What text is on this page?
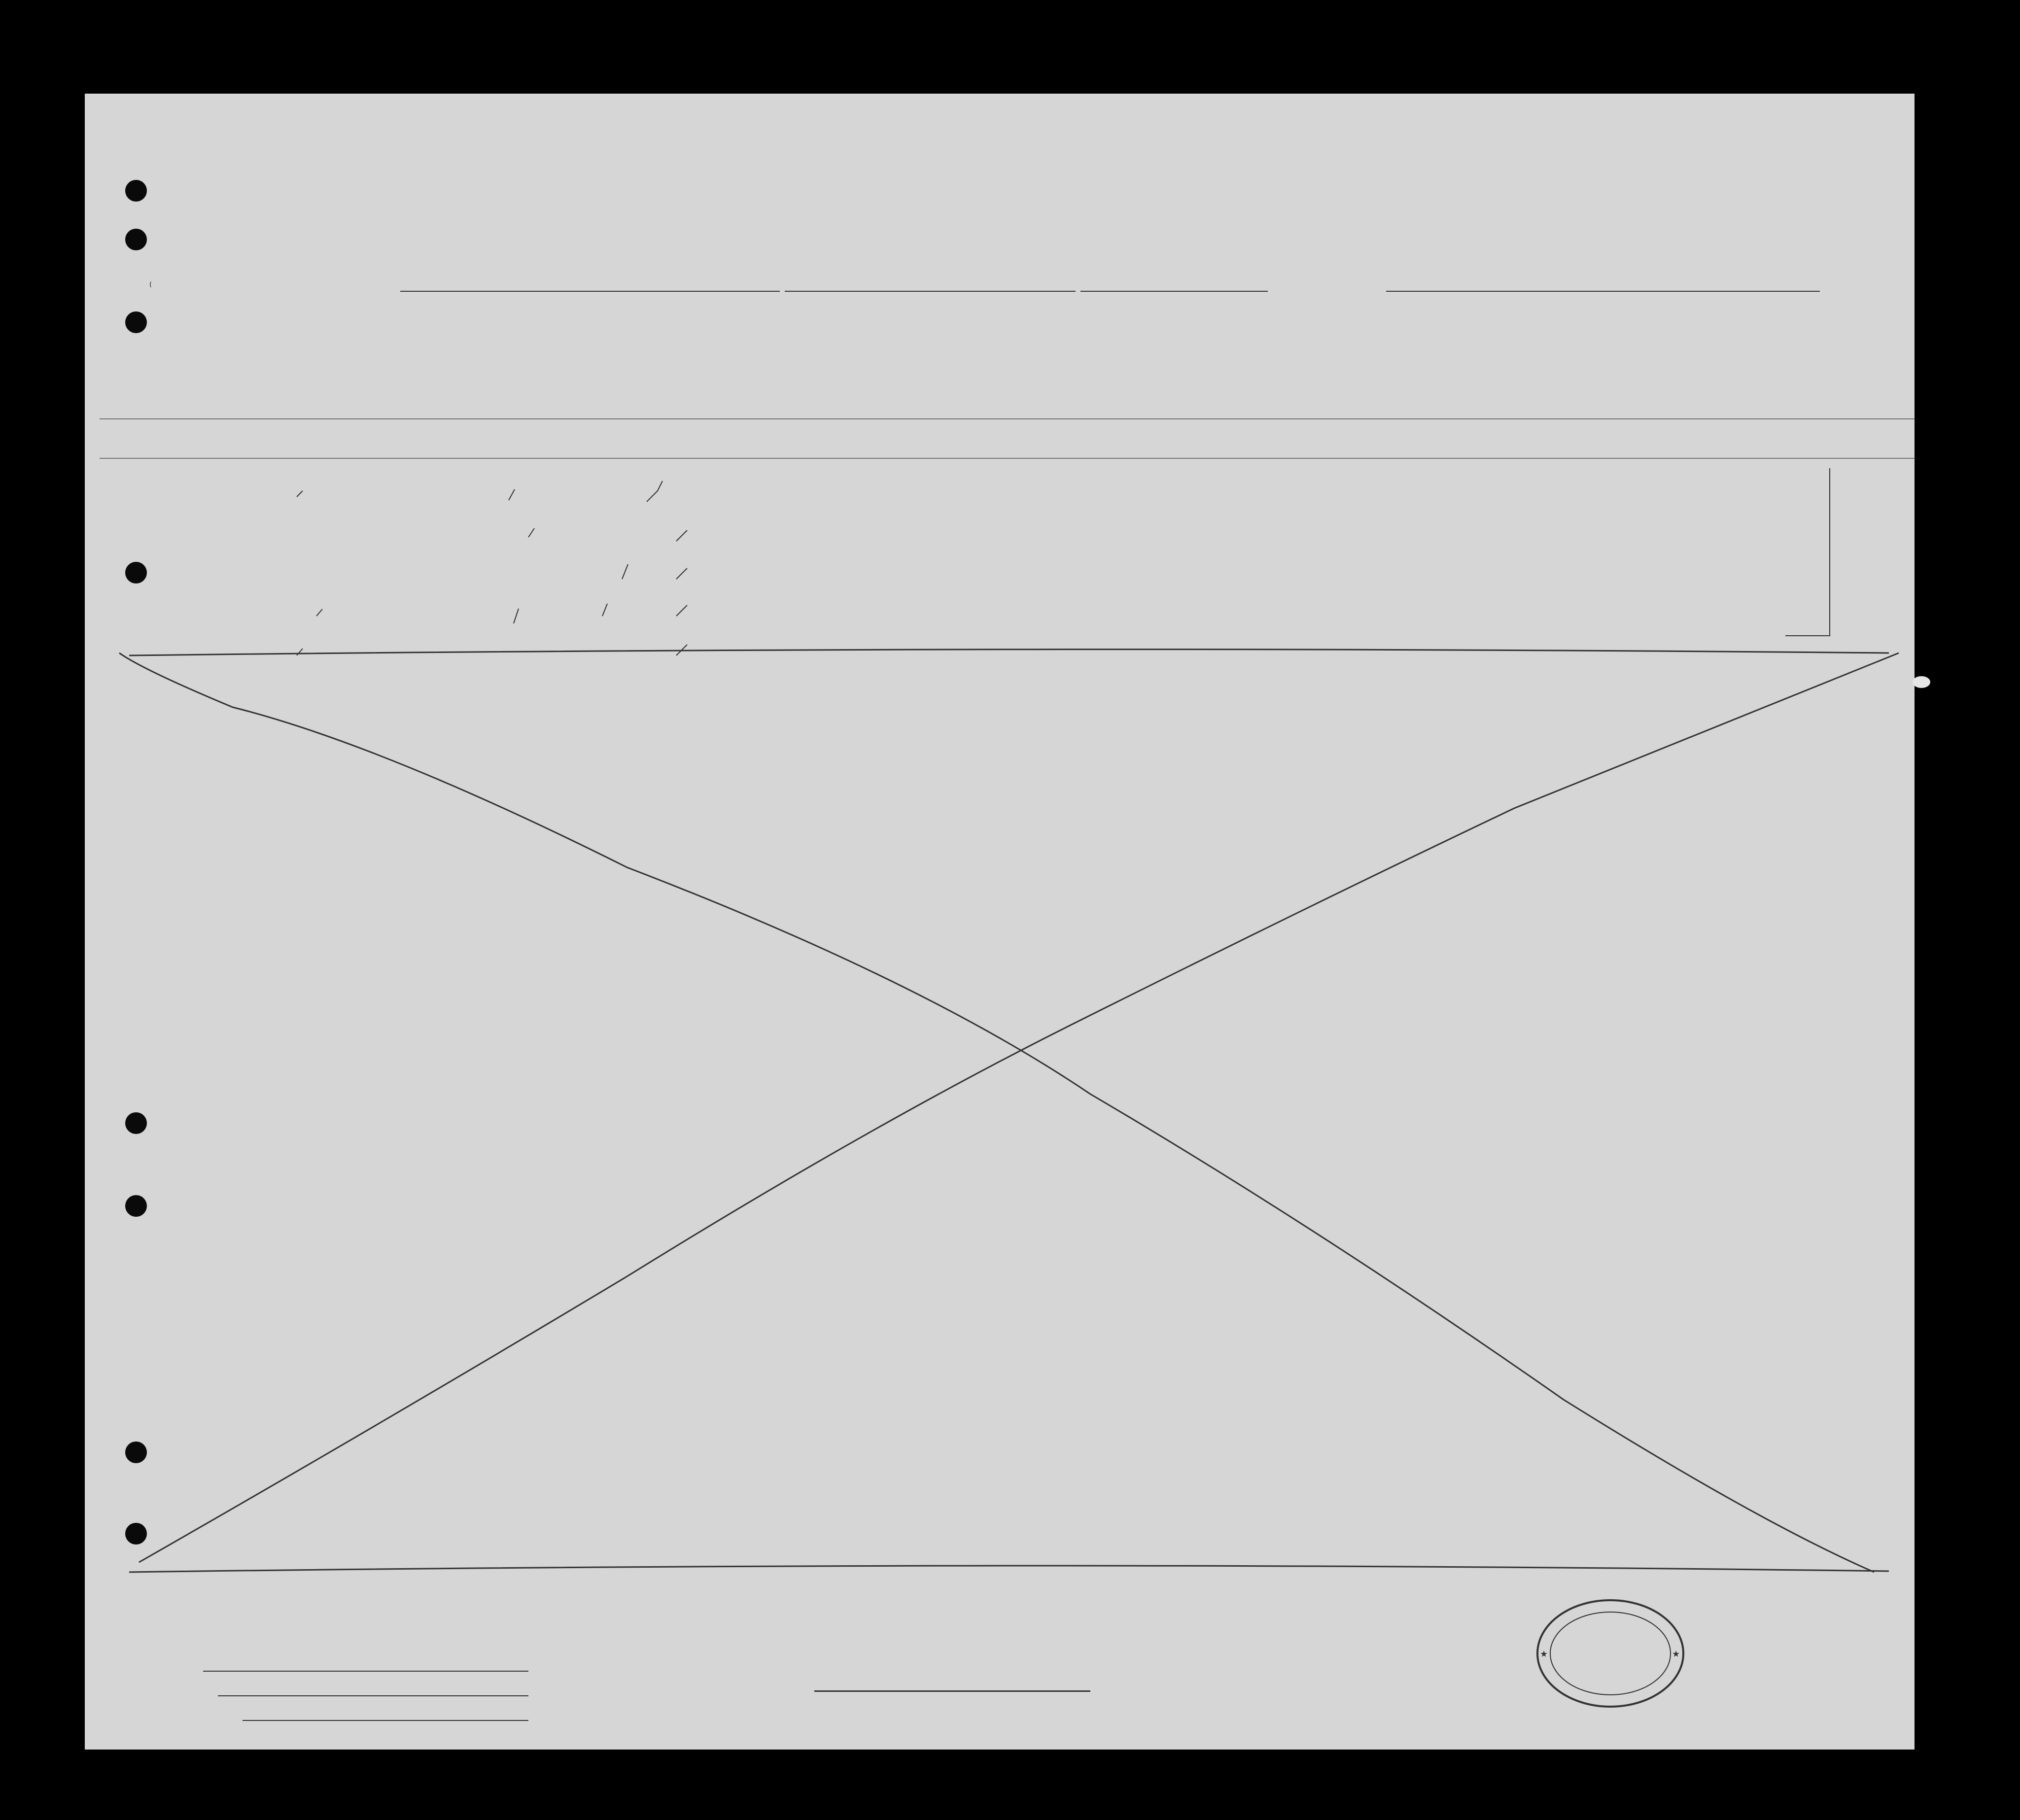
{

★	★
